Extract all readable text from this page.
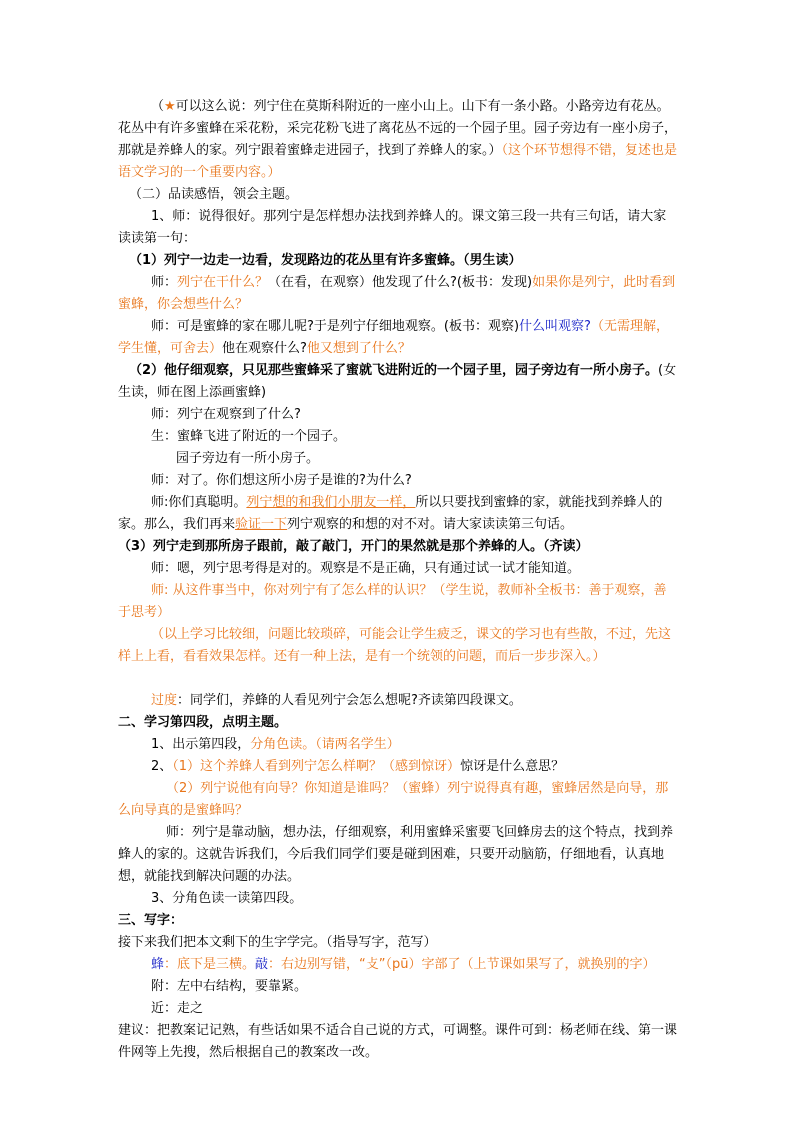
（★可以这么说：列宁住在莫斯科附近的一座小山上。山下有一条小路。小路旁边有花丛。花丛中有许多蜜蜂在采花粉，采完花粉飞进了离花丛不远的一个园子里。园子旁边有一座小房子，那就是养蜂人的家。列宁跟着蜜蜂走进园子，找到了养蜂人的家。）（这个环节想得不错，复述也是语文学习的一个重要内容。）

（二）品读感悟，领会主题。

1、师：说得很好。那列宁是怎样想办法找到养蜂人的。课文第三段一共有三句话，请大家读读第一句：

（1）列宁一边走一边看，发现路边的花丛里有许多蜜蜂。（男生读）

师：列宁在干什么？（在看，在观察）他发现了什么?(板书：发现)如果你是列宁，此时看到蜜蜂，你会想些什么？

师：可是蜜蜂的家在哪儿呢?于是列宁仔细地观察。(板书：观察)什么叫观察?（无需理解，学生懂，可舍去）他在观察什么?他又想到了什么？

（2）他仔细观察，只见那些蜜蜂采了蜜就飞进附近的一个园子里，园子旁边有一所小房子。(女生读，师在图上添画蜜蜂)

师：列宁在观察到了什么?

生：蜜蜂飞进了附近的一个园子。

园子旁边有一所小房子。

师：对了。你们想这所小房子是谁的?为什么?

师:你们真聪明。列宁想的和我们小朋友一样，所以只要找到蜜蜂的家，就能找到养蜂人的家。那么，我们再来验证一下列宁观察的和想的对不对。请大家读读第三句话。

（3）列宁走到那所房子跟前，敲了敲门，开门的果然就是那个养蜂的人。（齐读）

师：嗯，列宁思考得是对的。观察是不是正确，只有通过试一试才能知道。

师: 从这件事当中，你对列宁有了怎么样的认识？（学生说，教师补全板书：善于观察，善于思考）

（以上学习比较细，问题比较琐碎，可能会让学生疲乏，课文的学习也有些散，不过，先这样上上看，看看效果怎样。还有一种上法，是有一个统领的问题，而后一步步深入。）

过度：同学们，养蜂的人看见列宁会怎么想呢?齐读第四段课文。

二、学习第四段，点明主题。

1、出示第四段，分角色读。（请两名学生）

2、（1）这个养蜂人看到列宁怎么样啊？（感到惊讶）惊讶是什么意思？

（2）列宁说他有向导？你知道是谁吗？（蜜蜂）列宁说得真有趣，蜜蜂居然是向导，那么向导真的是蜜蜂吗？

师：列宁是靠动脑，想办法，仔细观察，利用蜜蜂采蜜要飞回蜂房去的这个特点，找到养蜂人的家的。这就告诉我们，今后我们同学们要是碰到困难，只要开动脑筋，仔细地看，认真地想，就能找到解决问题的办法。

3、分角色读一读第四段。

三、写字：

接下来我们把本文剩下的生字学完。（指导写字，范写）

蜂：底下是三横。敲：右边别写错，“攴”（pū）字部了（上节课如果写了，就换别的字）

附：左中右结构，要靠紧。

近：走之

建议：把教案记记熟，有些话如果不适合自己说的方式，可调整。课件可到：杨老师在线、第一课件网等上先搜，然后根据自己的教案改一改。
